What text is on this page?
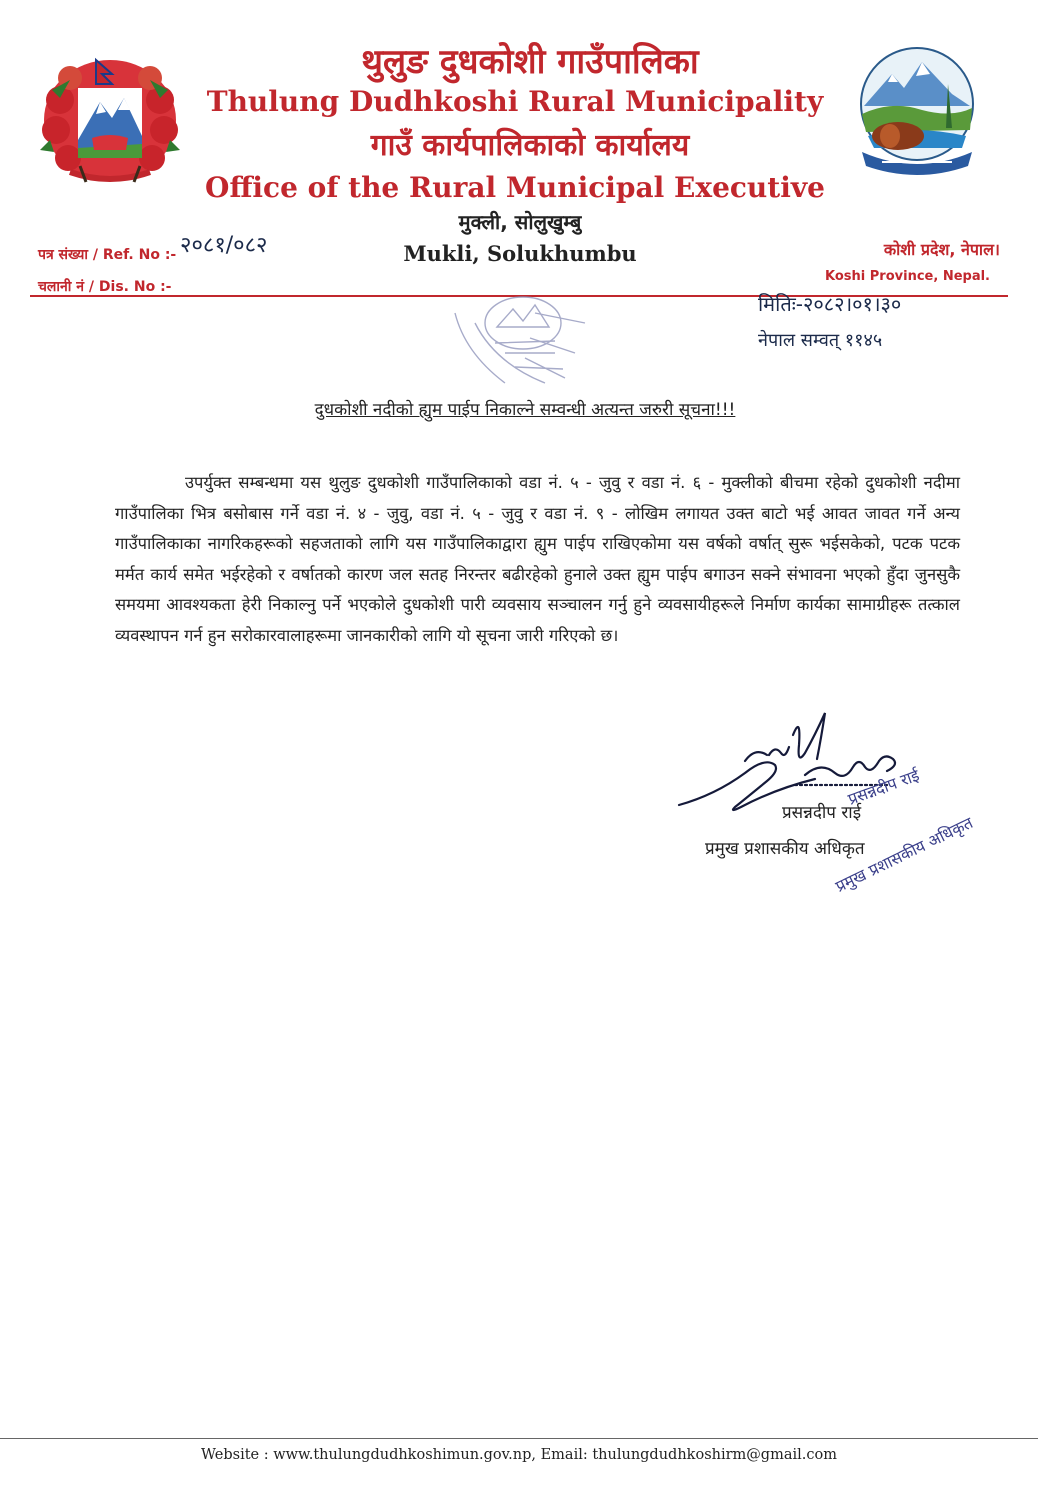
थुलुङ दुधकोशी गाउँपालिका
Thulung Dudhkoshi Rural Municipality
गाउँ कार्यपालिकाको कार्यालय
Office of the Rural Municipal Executive
मुक्ली, सोलुखुम्बु
Mukli, Solukhumbu
पत्र संख्या / Ref. No :- २०८१/०८२
चलानी नं / Dis. No :-
कोशी प्रदेश, नेपाल।
Koshi Province, Nepal.
मितिः-२०८२।०१।३०
नेपाल सम्वत् ११४५
दुधकोशी नदीको ह्युम पाईप निकाल्ने सम्वन्धी अत्यन्त जरुरी सूचना!!!

उपर्युक्त सम्बन्धमा यस थुलुङ दुधकोशी गाउँपालिकाको वडा नं. ५ - जुवु र वडा नं. ६ - मुक्लीको बीचमा रहेको दुधकोशी नदीमा गाउँपालिका भित्र बसोबास गर्ने वडा नं. ४ - जुवु, वडा नं. ५ - जुवु र वडा नं. ९ - लोखिम लगायत उक्त बाटो भई आवत जावत गर्ने अन्य गाउँपालिकाका नागरिकहरूको सहजताको लागि यस गाउँपालिकाद्वारा ह्युम पाईप राखिएकोमा यस वर्षको वर्षात् सुरू भईसकेको, पटक पटक मर्मत कार्य समेत भईरहेको र वर्षातको कारण जल सतह निरन्तर बढीरहेको हुनाले उक्त ह्युम पाईप बगाउन सक्ने संभावना भएको हुँदा जुनसुकै समयमा आवश्यकता हेरी निकाल्नु पर्ने भएकोले दुधकोशी पारी व्यवसाय सञ्चालन गर्नु हुने व्यवसायीहरूले निर्माण कार्यका सामाग्रीहरू तत्काल व्यवस्थापन गर्न हुन सरोकारवालाहरूमा जानकारीको लागि यो सूचना जारी गरिएको छ।

प्रसन्नदीप राई
प्रमुख प्रशासकीय अधिकृत
प्रसन्नदीप राई
प्रमुख प्रशासकीय अधिकृत
Website : www.thulungdudhkoshimun.gov.np, Email: thulungdudhkoshirm@gmail.com
